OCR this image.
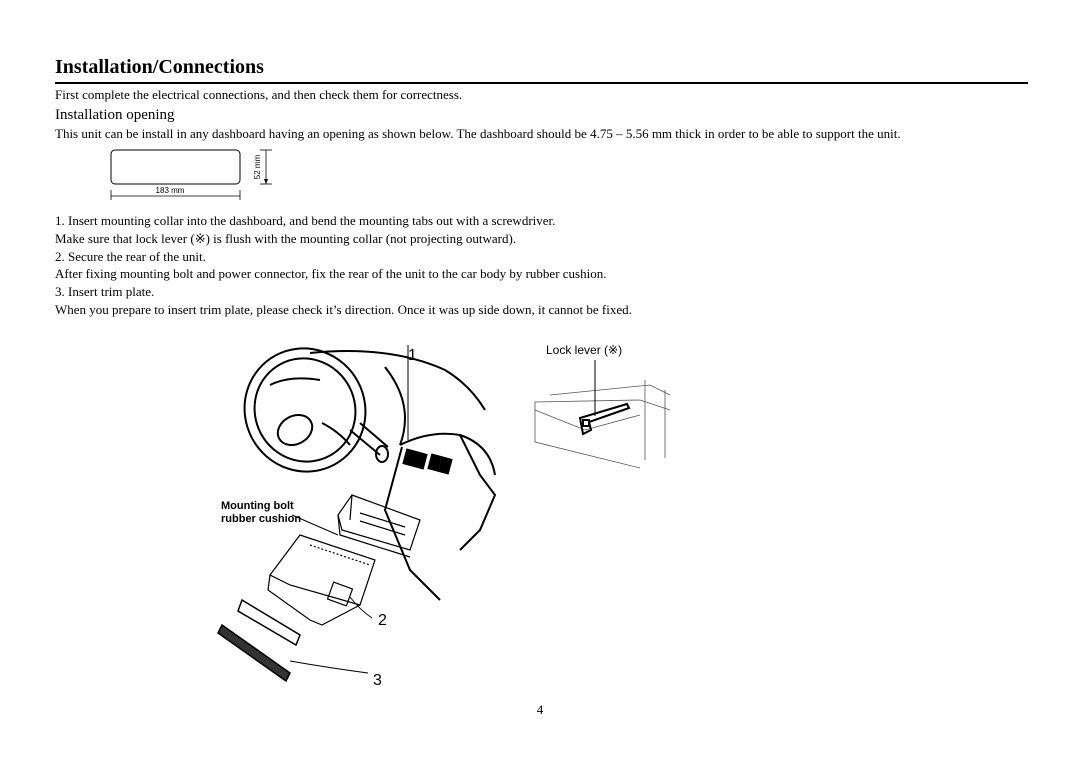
Installation/Connections
First complete the electrical connections, and then check them for correctness.
Installation opening
This unit can be install in any dashboard having an opening as shown below. The dashboard should be 4.75 – 5.56 mm thick in order to be able to support the unit.
183 mm
52 mm
1. Insert mounting collar into the dashboard, and bend the mounting tabs out with a screwdriver.
Make sure that lock lever (※) is flush with the mounting collar (not projecting outward).
2. Secure the rear of the unit.
After fixing mounting bolt and power connector, fix the rear of the unit to the car body by rubber cushion.
3. Insert trim plate.
When you prepare to insert trim plate, please check it’s direction. Once it was up side down, it cannot be fixed.
1
2
3
Mounting bolt
rubber cushion
Lock lever (※)
4
